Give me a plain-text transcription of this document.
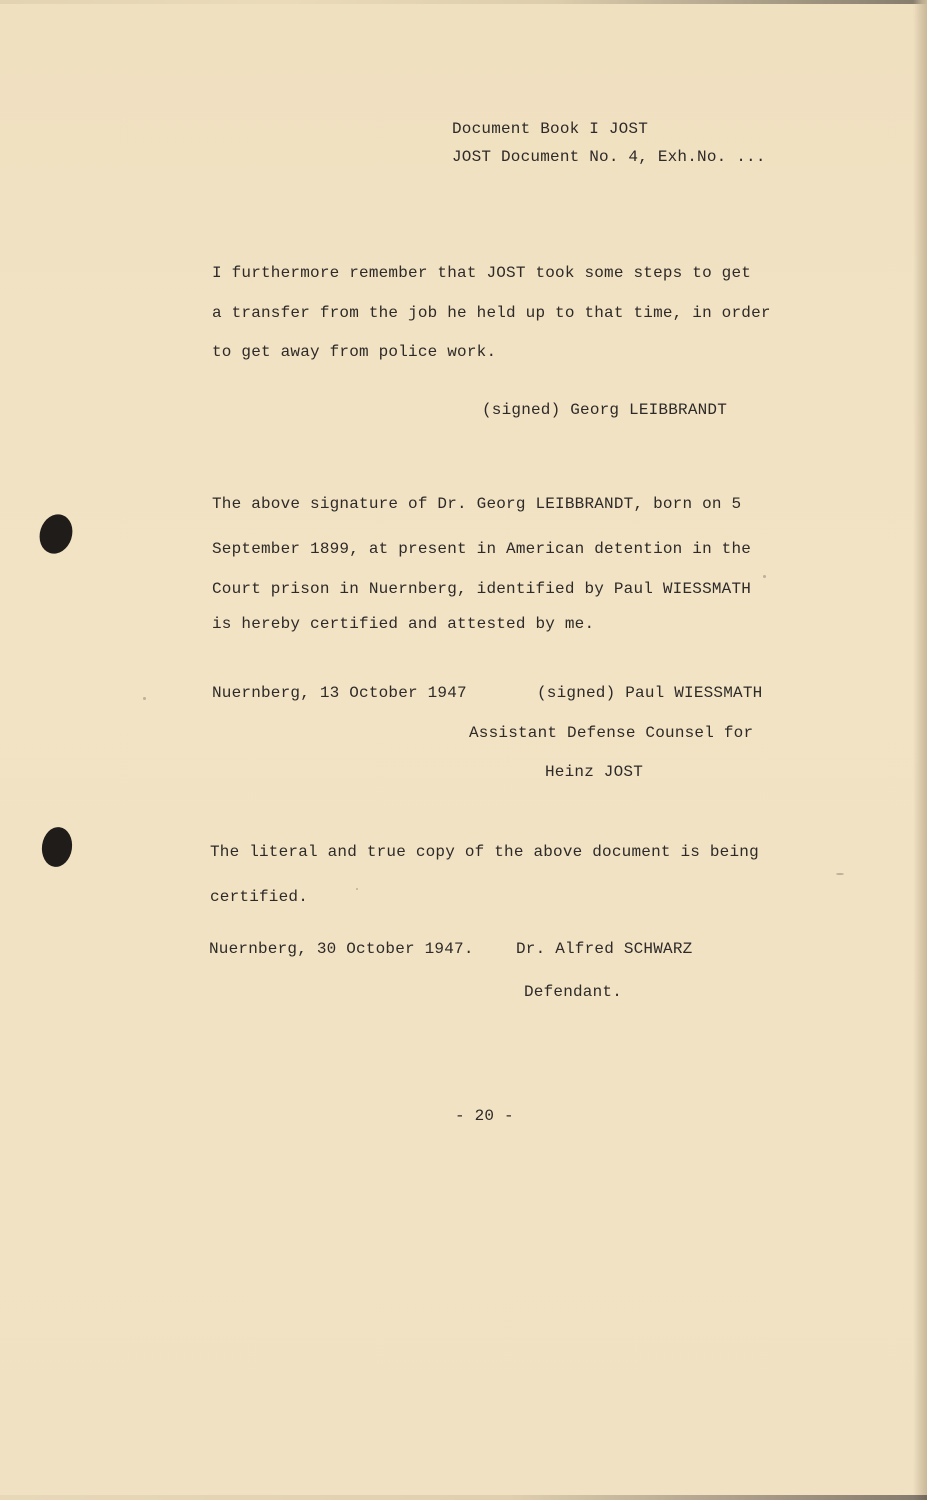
Document Book I JOST
JOST Document No. 4, Exh.No. ...
I furthermore remember that JOST took some steps to get
a transfer from the job he held up to that time, in order
to get away from police work.
(signed) Georg LEIBBRANDT
The above signature of Dr. Georg LEIBBRANDT, born on 5
September 1899, at present in American detention in the
Court prison in Nuernberg, identified by Paul WIESSMATH
is hereby certified and attested by me.
Nuernberg, 13 October 1947	(signed) Paul WIESSMATH
Assistant Defense Counsel for
Heinz JOST
The literal and true copy of the above document is being
certified.
Nuernberg, 30 October 1947.	Dr. Alfred SCHWARZ
Defendant.
- 20 -
